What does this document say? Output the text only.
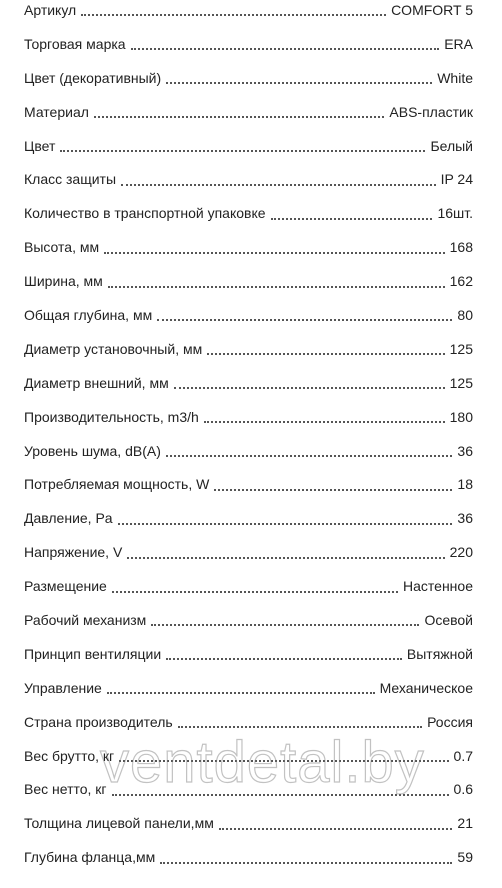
Артикул	COMFORT 5
Торговая марка	ERA
Цвет (декоративный)	White
Материал	ABS-пластик
Цвет	Белый
Класс защиты	IP 24
Количество в транспортной упаковке	16шт.
Высота, мм	168
Ширина, мм	162
Общая глубина, мм	80
Диаметр установочный, мм	125
Диаметр внешний, мм	125
Производительность, m3/h	180
Уровень шума, dB(A)	36
Потребляемая мощность, W	18
Давление, Pa	36
Напряжение, V	220
Размещение	Настенное
Рабочий механизм	Осевой
Принцип вентиляции	Вытяжной
Управление	Механическое
Страна производитель	Россия
Вес брутто, кг	0.7
Вес нетто, кг	0.6
Толщина лицевой панели,мм	21
Глубина фланца,мм	59
ventdetal.by
